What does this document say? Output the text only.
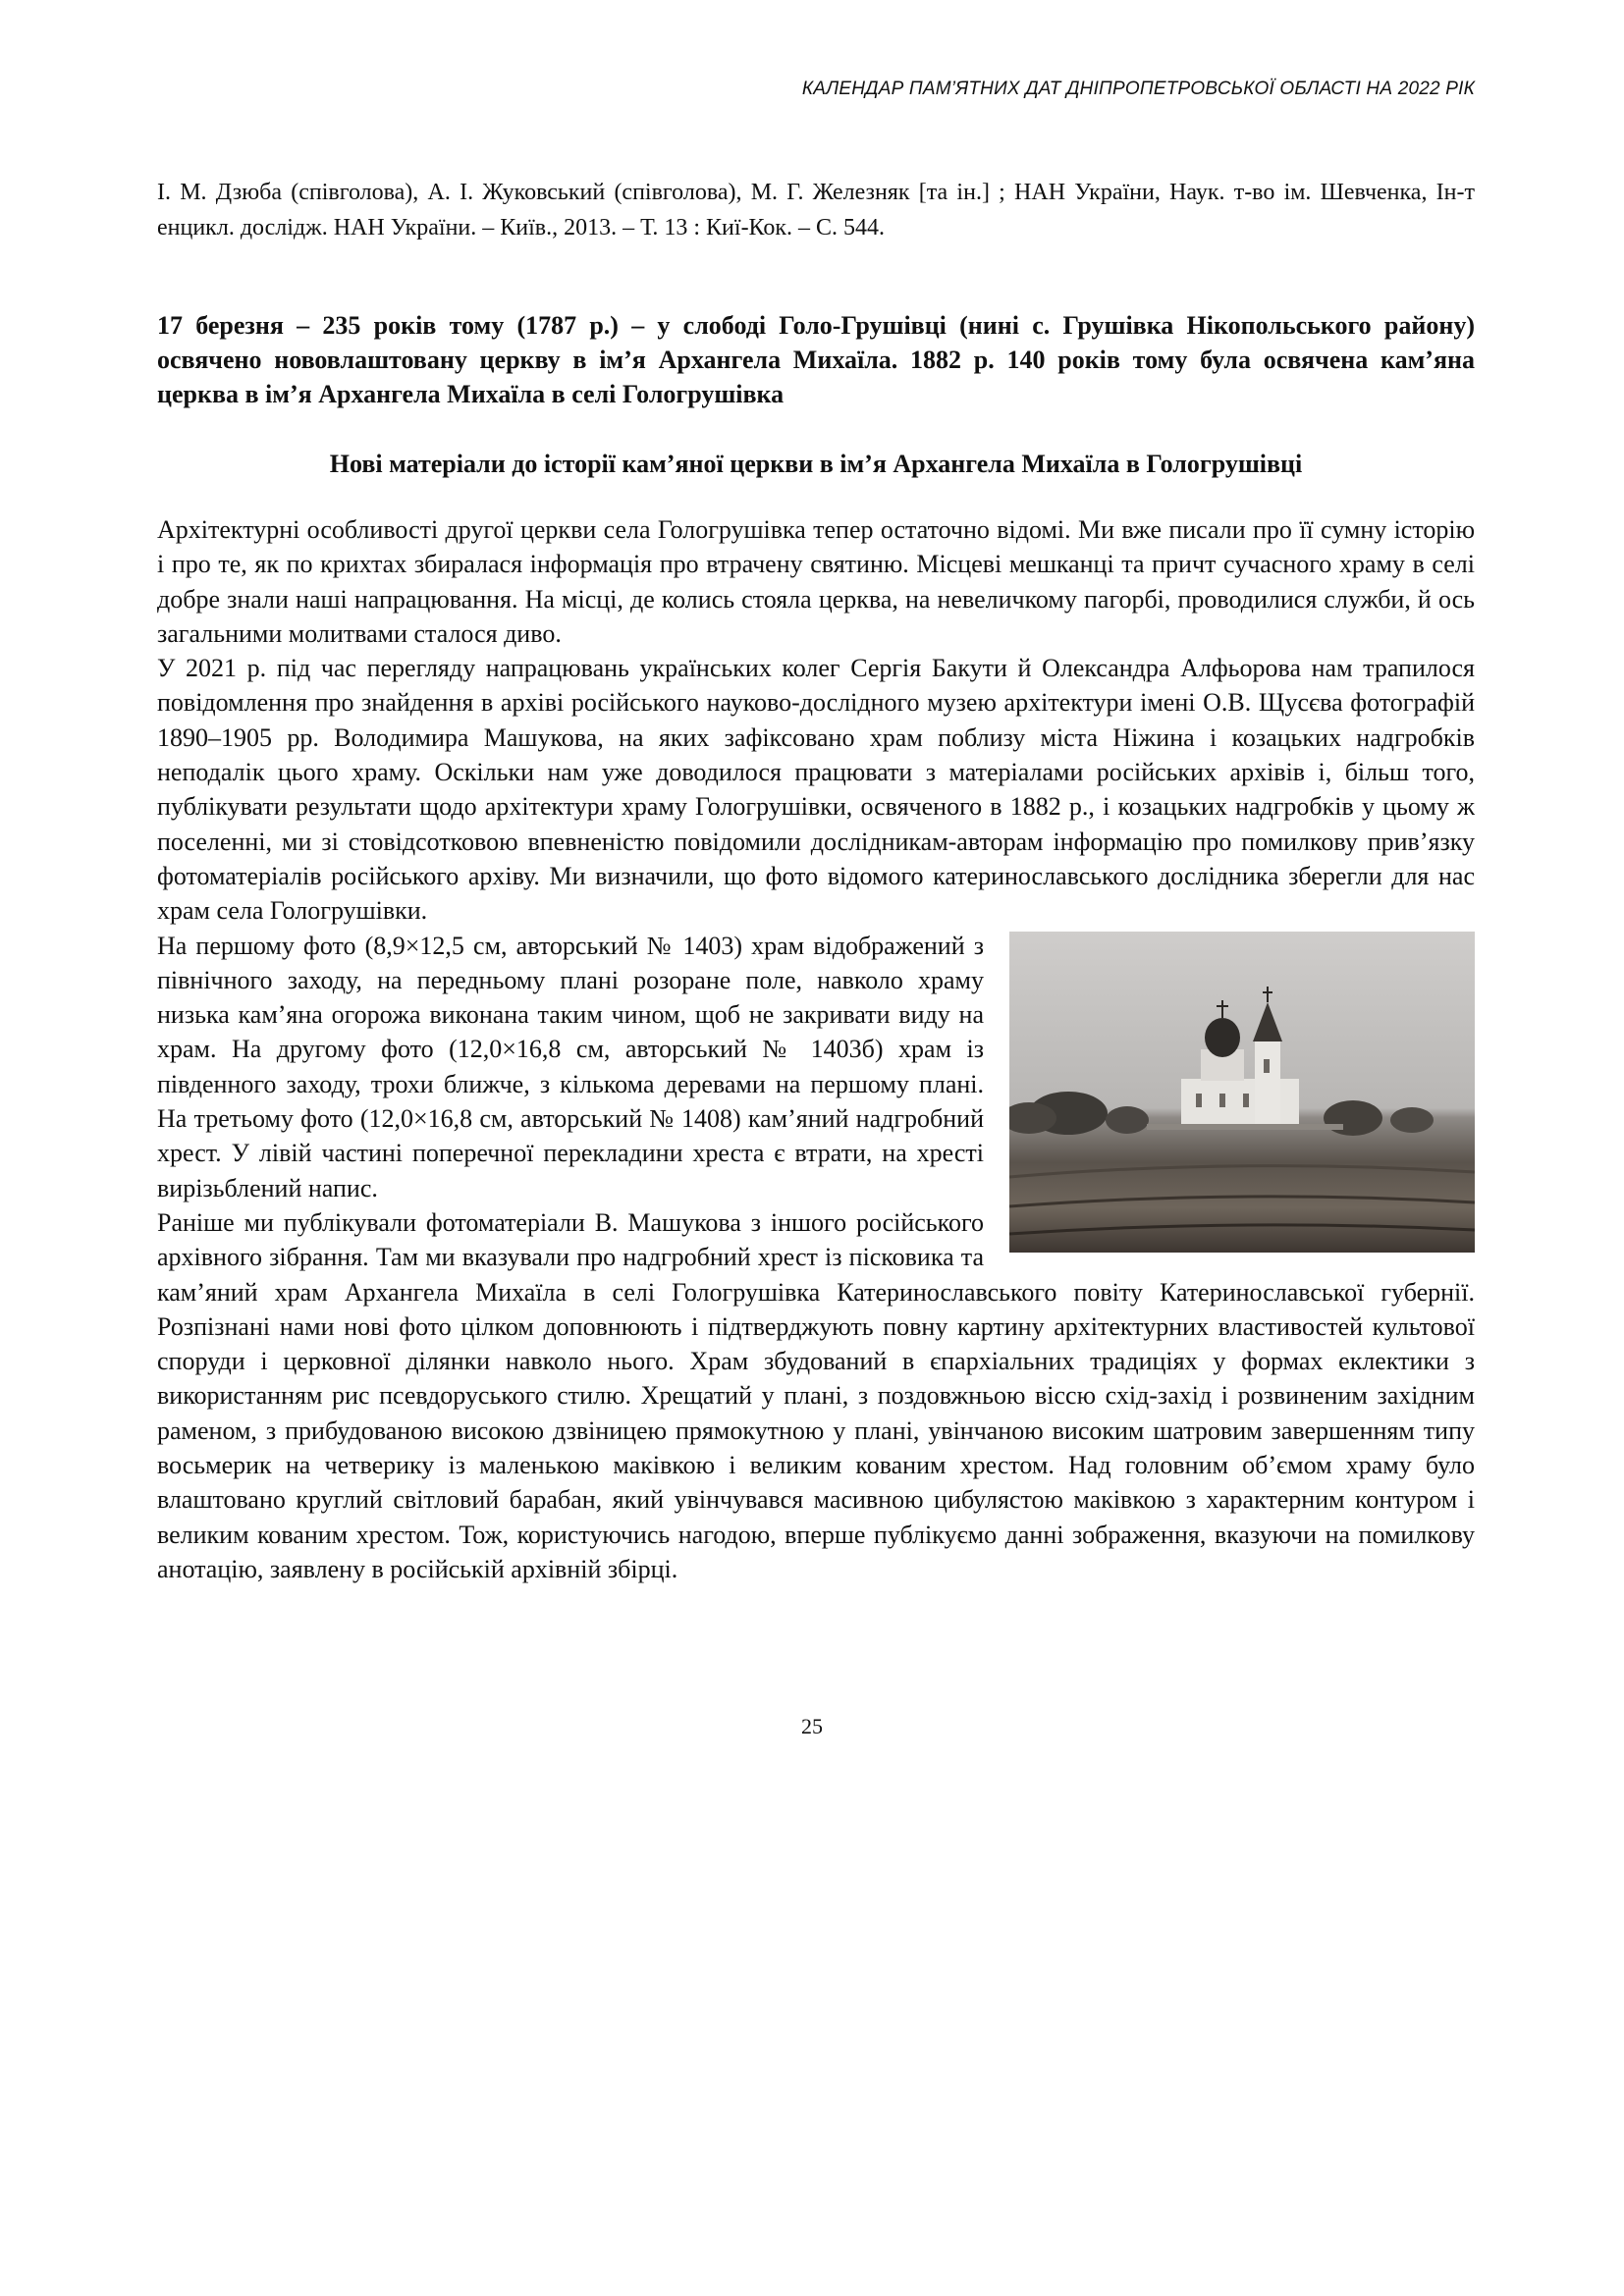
КАЛЕНДАР ПАМ’ЯТНИХ ДАТ ДНІПРОПЕТРОВСЬКОЇ ОБЛАСТІ НА 2022 РІК
І. М. Дзюба (співголова), А. І. Жуковський (співголова), М. Г. Железняк [та ін.] ; НАН України, Наук. т-во ім. Шевченка, Ін-т енцикл. дослідж. НАН України. – Київ., 2013. – Т. 13 : Киї-Кок. – С. 544.
17 березня – 235 років тому (1787 р.) – у слободі Голо-Грушівці (нині с. Грушівка Нікопольського району) освячено нововлаштовану церкву в ім’я Архангела Михаїла. 1882 р. 140 років тому була освячена кам’яна церква в ім’я Архангела Михаїла в селі Гологрушівка
Нові матеріали до історії кам’яної церкви в ім’я Архангела Михаїла в Гологрушівці

Архітектурні особливості другої церкви села Гологрушівка тепер остаточно відомі. Ми вже писали про її сумну історію і про те, як по крихтах збиралася інформація про втрачену святиню. Місцеві мешканці та причт сучасного храму в селі добре знали наші напрацювання. На місці, де колись стояла церква, на невеличкому пагорбі, проводилися служби, й ось загальними молитвами сталося диво.

У 2021 р. під час перегляду напрацювань українських колег Сергія Бакути й Олександра Алфьорова нам трапилося повідомлення про знайдення в архіві російського науково-дослідного музею архітектури імені О.В. Щусєва фотографій 1890–1905 рр. Володимира Машукова, на яких зафіксовано храм поблизу міста Ніжина і козацьких надгробків неподалік цього храму. Оскільки нам уже доводилося працювати з матеріалами російських архівів і, більш того, публікувати результати щодо архітектури храму Гологрушівки, освяченого в 1882 р., і козацьких надгробків у цьому ж поселенні, ми зі стовідсотковою впевненістю повідомили дослідникам-авторам інформацію про помилкову прив’язку фотоматеріалів російського архіву. Ми визначили, що фото відомого катеринославського дослідника зберегли для нас храм села Гологрушівки.

На першому фото (8,9×12,5 см, авторський № 1403) храм відображений з північного заходу, на передньому плані розоране поле, навколо храму низька кам’яна огорожа виконана таким чином, щоб не закривати виду на храм. На другому фото (12,0×16,8 см, авторський № 1403б) храм із південного заходу, трохи ближче, з кількома деревами на першому плані. На третьому фото (12,0×16,8 см, авторський № 1408) кам’яний надгробний хрест. У лівій частині поперечної перекладини хреста є втрати, на хресті вирізьблений напис.

Раніше ми публікували фотоматеріали В. Машукова з іншого російського архівного зібрання. Там ми вказували про надгробний хрест із пісковика та кам’яний храм Архангела Михаїла в селі Гологрушівка Катеринославського повіту Катеринославської губернії. Розпізнані нами нові фото цілком доповнюють і підтверджують повну картину архітектурних властивостей культової споруди і церковної ділянки навколо нього. Храм збудований в єпархіальних традиціях у формах еклектики з використанням рис псевдоруського стилю. Хрещатий у плані, з поздовжньою віссю схід-захід і розвиненим західним раменом, з прибудованою високою дзвіницею прямокутною у плані, увінчаною високим шатровим завершенням типу восьмерик на четверику із маленькою маківкою і великим кованим хрестом. Над головним об’ємом храму було влаштовано круглий світловий барабан, який увінчувався масивною цибулястою маківкою з характерним контуром і великим кованим хрестом. Тож, користуючись нагодою, вперше публікуємо данні зображення, вказуючи на помилкову анотацію, заявлену в російській архівній збірці.

25
